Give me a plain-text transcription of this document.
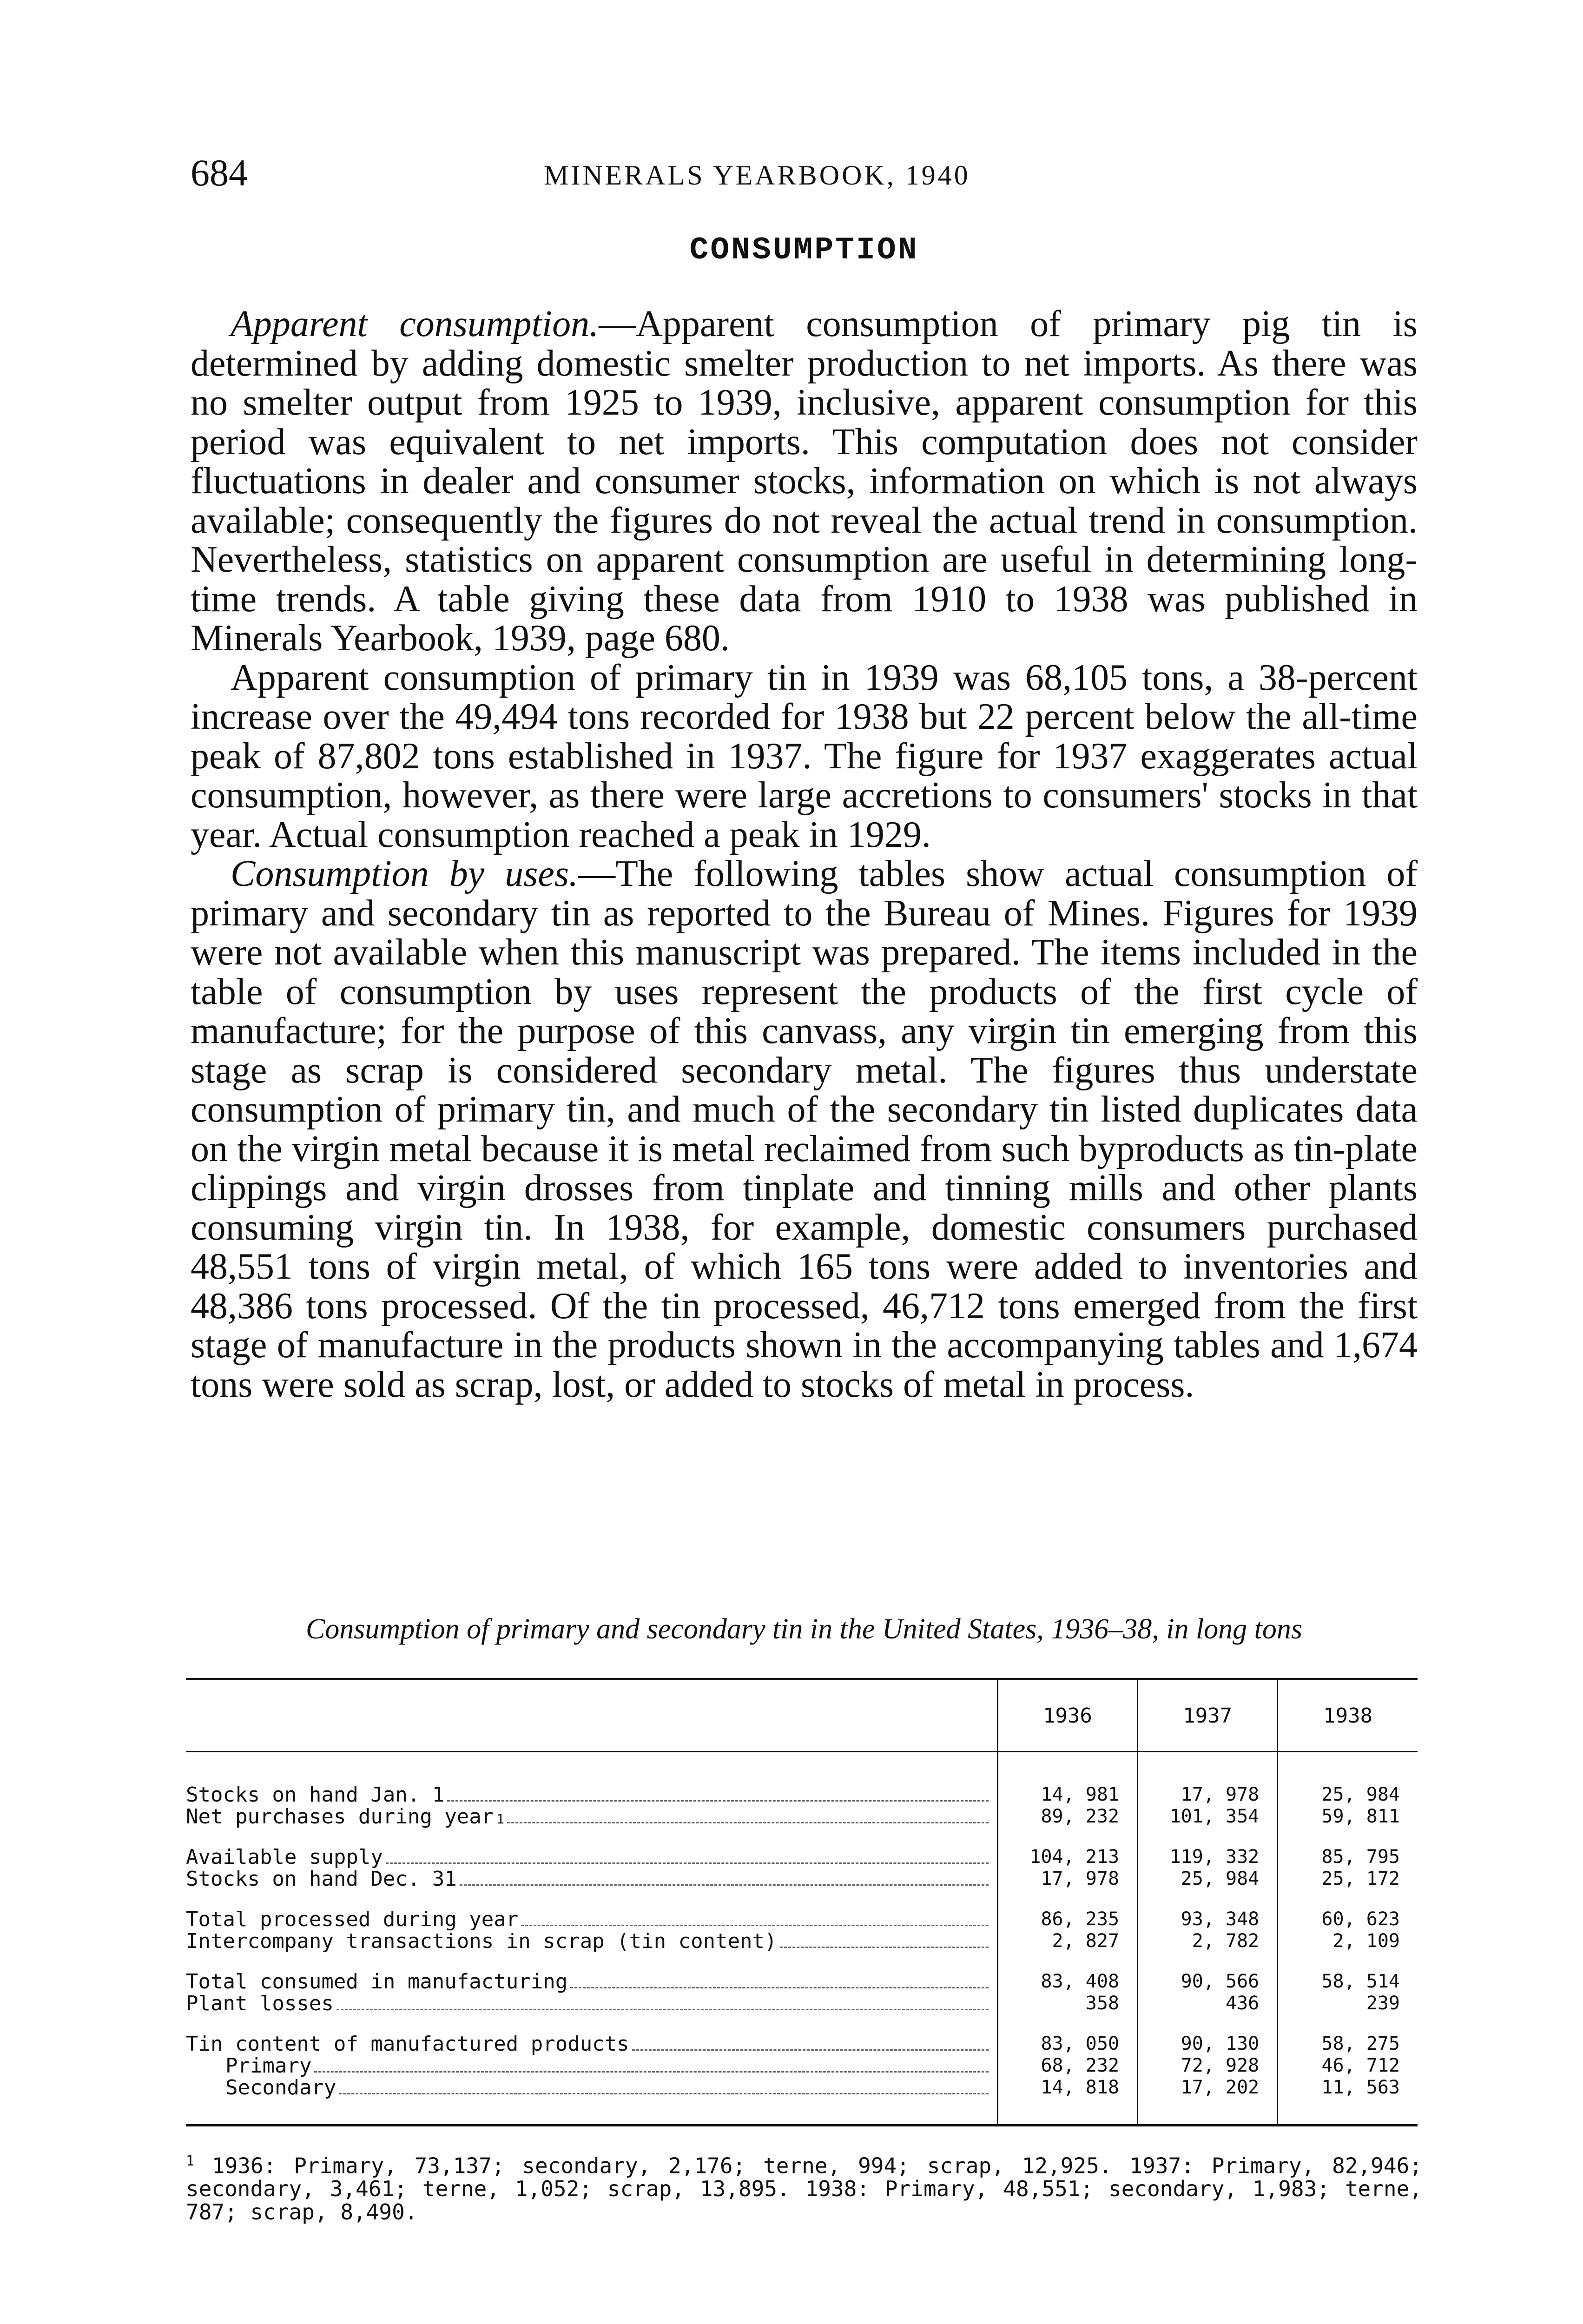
684	MINERALS YEARBOOK, 1940
CONSUMPTION

Apparent consumption.—Apparent consumption of primary pig tin is determined by adding domestic smelter production to net imports. As there was no smelter output from 1925 to 1939, inclusive, apparent consumption for this period was equivalent to net imports. This computation does not consider fluctuations in dealer and consumer stocks, information on which is not always available; consequently the figures do not reveal the actual trend in consumption. Nevertheless, statistics on apparent consumption are useful in determining long-time trends. A table giving these data from 1910 to 1938 was published in Minerals Yearbook, 1939, page 680.

Apparent consumption of primary tin in 1939 was 68,105 tons, a 38-percent increase over the 49,494 tons recorded for 1938 but 22 percent below the all-time peak of 87,802 tons established in 1937. The figure for 1937 exaggerates actual consumption, however, as there were large accretions to consumers' stocks in that year. Actual consumption reached a peak in 1929.

Consumption by uses.—The following tables show actual consumption of primary and secondary tin as reported to the Bureau of Mines. Figures for 1939 were not available when this manuscript was prepared. The items included in the table of consumption by uses represent the products of the first cycle of manufacture; for the purpose of this canvass, any virgin tin emerging from this stage as scrap is considered secondary metal. The figures thus understate consumption of primary tin, and much of the secondary tin listed duplicates data on the virgin metal because it is metal reclaimed from such byproducts as tin-plate clippings and virgin drosses from tinplate and tinning mills and other plants consuming virgin tin. In 1938, for example, domestic consumers purchased 48,551 tons of virgin metal, of which 165 tons were added to inventories and 48,386 tons processed. Of the tin processed, 46,712 tons emerged from the first stage of manufacture in the products shown in the accompanying tables and 1,674 tons were sold as scrap, lost, or added to stocks of metal in process.

Consumption of primary and secondary tin in the United States, 1936–38, in long tons
	1936	1937	1938

Stocks on hand Jan. 1	14, 981	17, 978	25, 984

Net purchases during year 1	89, 232	101, 354	59, 811

Available supply	104, 213	119, 332	85, 795

Stocks on hand Dec. 31	17, 978	25, 984	25, 172

Total processed during year	86, 235	93, 348	60, 623

Intercompany transactions in scrap (tin content)	2, 827	2, 782	2, 109

Total consumed in manufacturing	83, 408	90, 566	58, 514

Plant losses	358	436	239

Tin content of manufactured products	83, 050	90, 130	58, 275

Primary	68, 232	72, 928	46, 712

Secondary	14, 818	17, 202	11, 563

$^1$ 1936: Primary, 73,137; secondary, 2,176; terne, 994; scrap, 12,925. 1937: Primary, 82,946; secondary, 3,461; terne, 1,052; scrap, 13,895. 1938: Primary, 48,551; secondary, 1,983; terne, 787; scrap, 8,490.
